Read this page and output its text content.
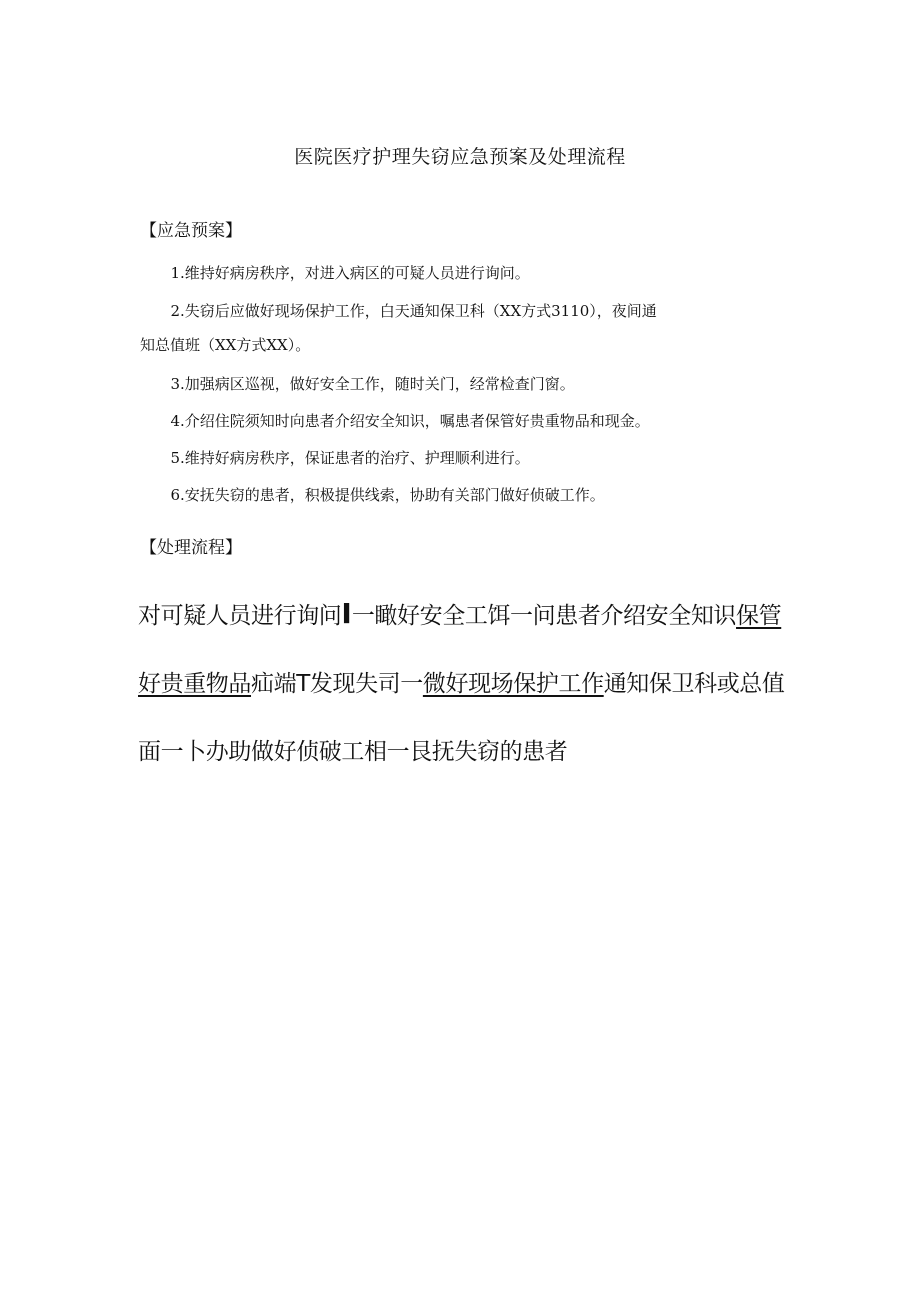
医院医疗护理失窃应急预案及处理流程
【应急预案】

1.维持好病房秩序，对进入病区的可疑人员进行询问。

2.失窃后应做好现场保护工作，白天通知保卫科（XX方式3110），夜间通
知总值班（XX方式XX）。

3.加强病区巡视，做好安全工作，随时关门，经常检查门窗。

4.介绍住院须知时向患者介绍安全知识，嘱患者保管好贵重物品和现金。

5.维持好病房秩序，保证患者的治疗、护理顺利进行。

6.安抚失窃的患者，积极提供线索，协助有关部门做好侦破工作。

【处理流程】

对可疑人员进行询问I一瞰好安全工饵一问患者介绍安全知识保管好贵重物品疝端T发现失司一微好现场保护工作通知保卫科或总值面一卜办助做好侦破工相一艮抚失窃的患者
